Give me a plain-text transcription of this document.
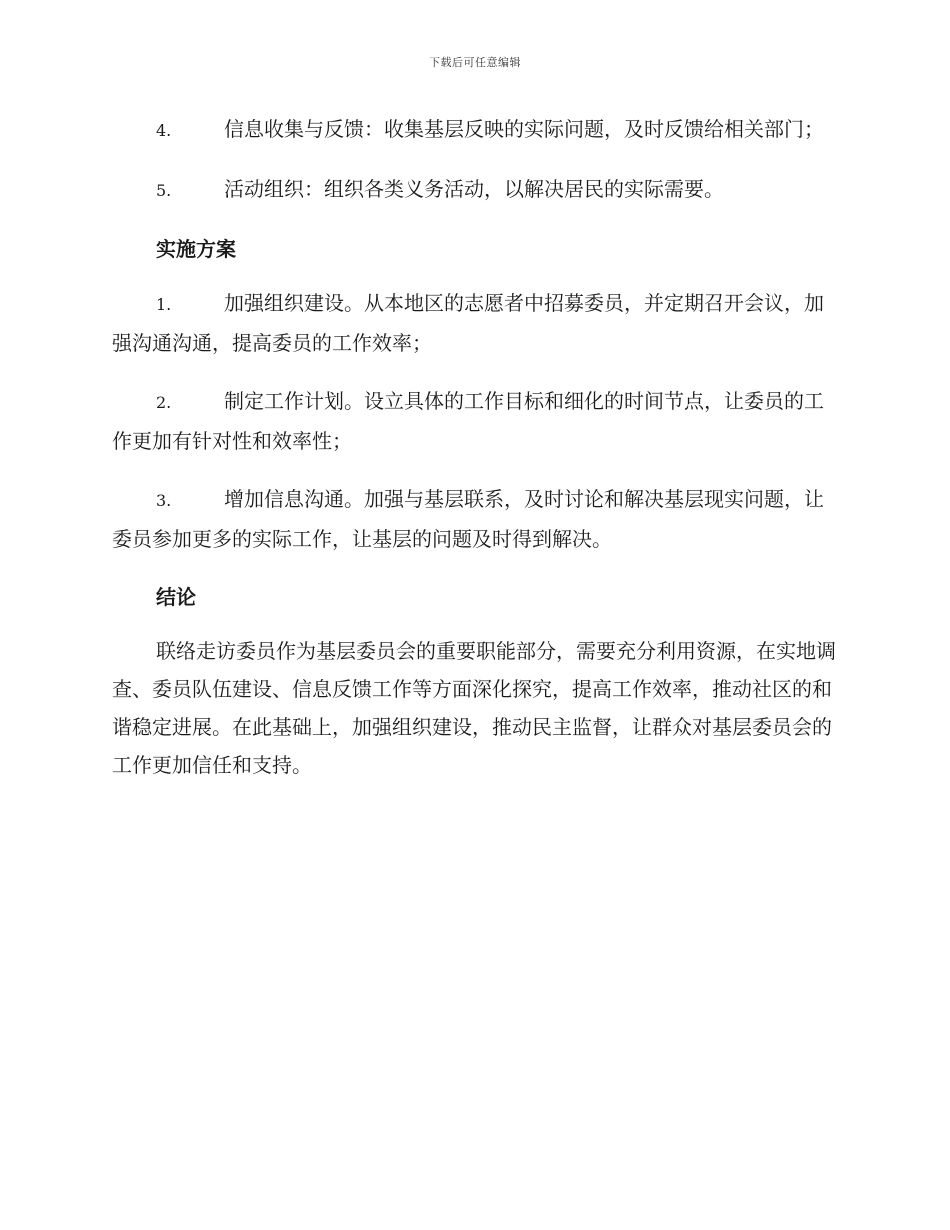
下载后可任意编辑

4.	信息收集与反馈：收集基层反映的实际问题，及时反馈给相关部门；

5.	活动组织：组织各类义务活动，以解决居民的实际需要。

实施方案

1.	加强组织建设。从本地区的志愿者中招募委员，并定期召开会议，加强沟通沟通，提高委员的工作效率；

2.	制定工作计划。设立具体的工作目标和细化的时间节点，让委员的工作更加有针对性和效率性；

3.	增加信息沟通。加强与基层联系，及时讨论和解决基层现实问题，让委员参加更多的实际工作，让基层的问题及时得到解决。

结论

联络走访委员作为基层委员会的重要职能部分，需要充分利用资源，在实地调查、委员队伍建设、信息反馈工作等方面深化探究，提高工作效率，推动社区的和谐稳定进展。在此基础上，加强组织建设，推动民主监督，让群众对基层委员会的工作更加信任和支持。
